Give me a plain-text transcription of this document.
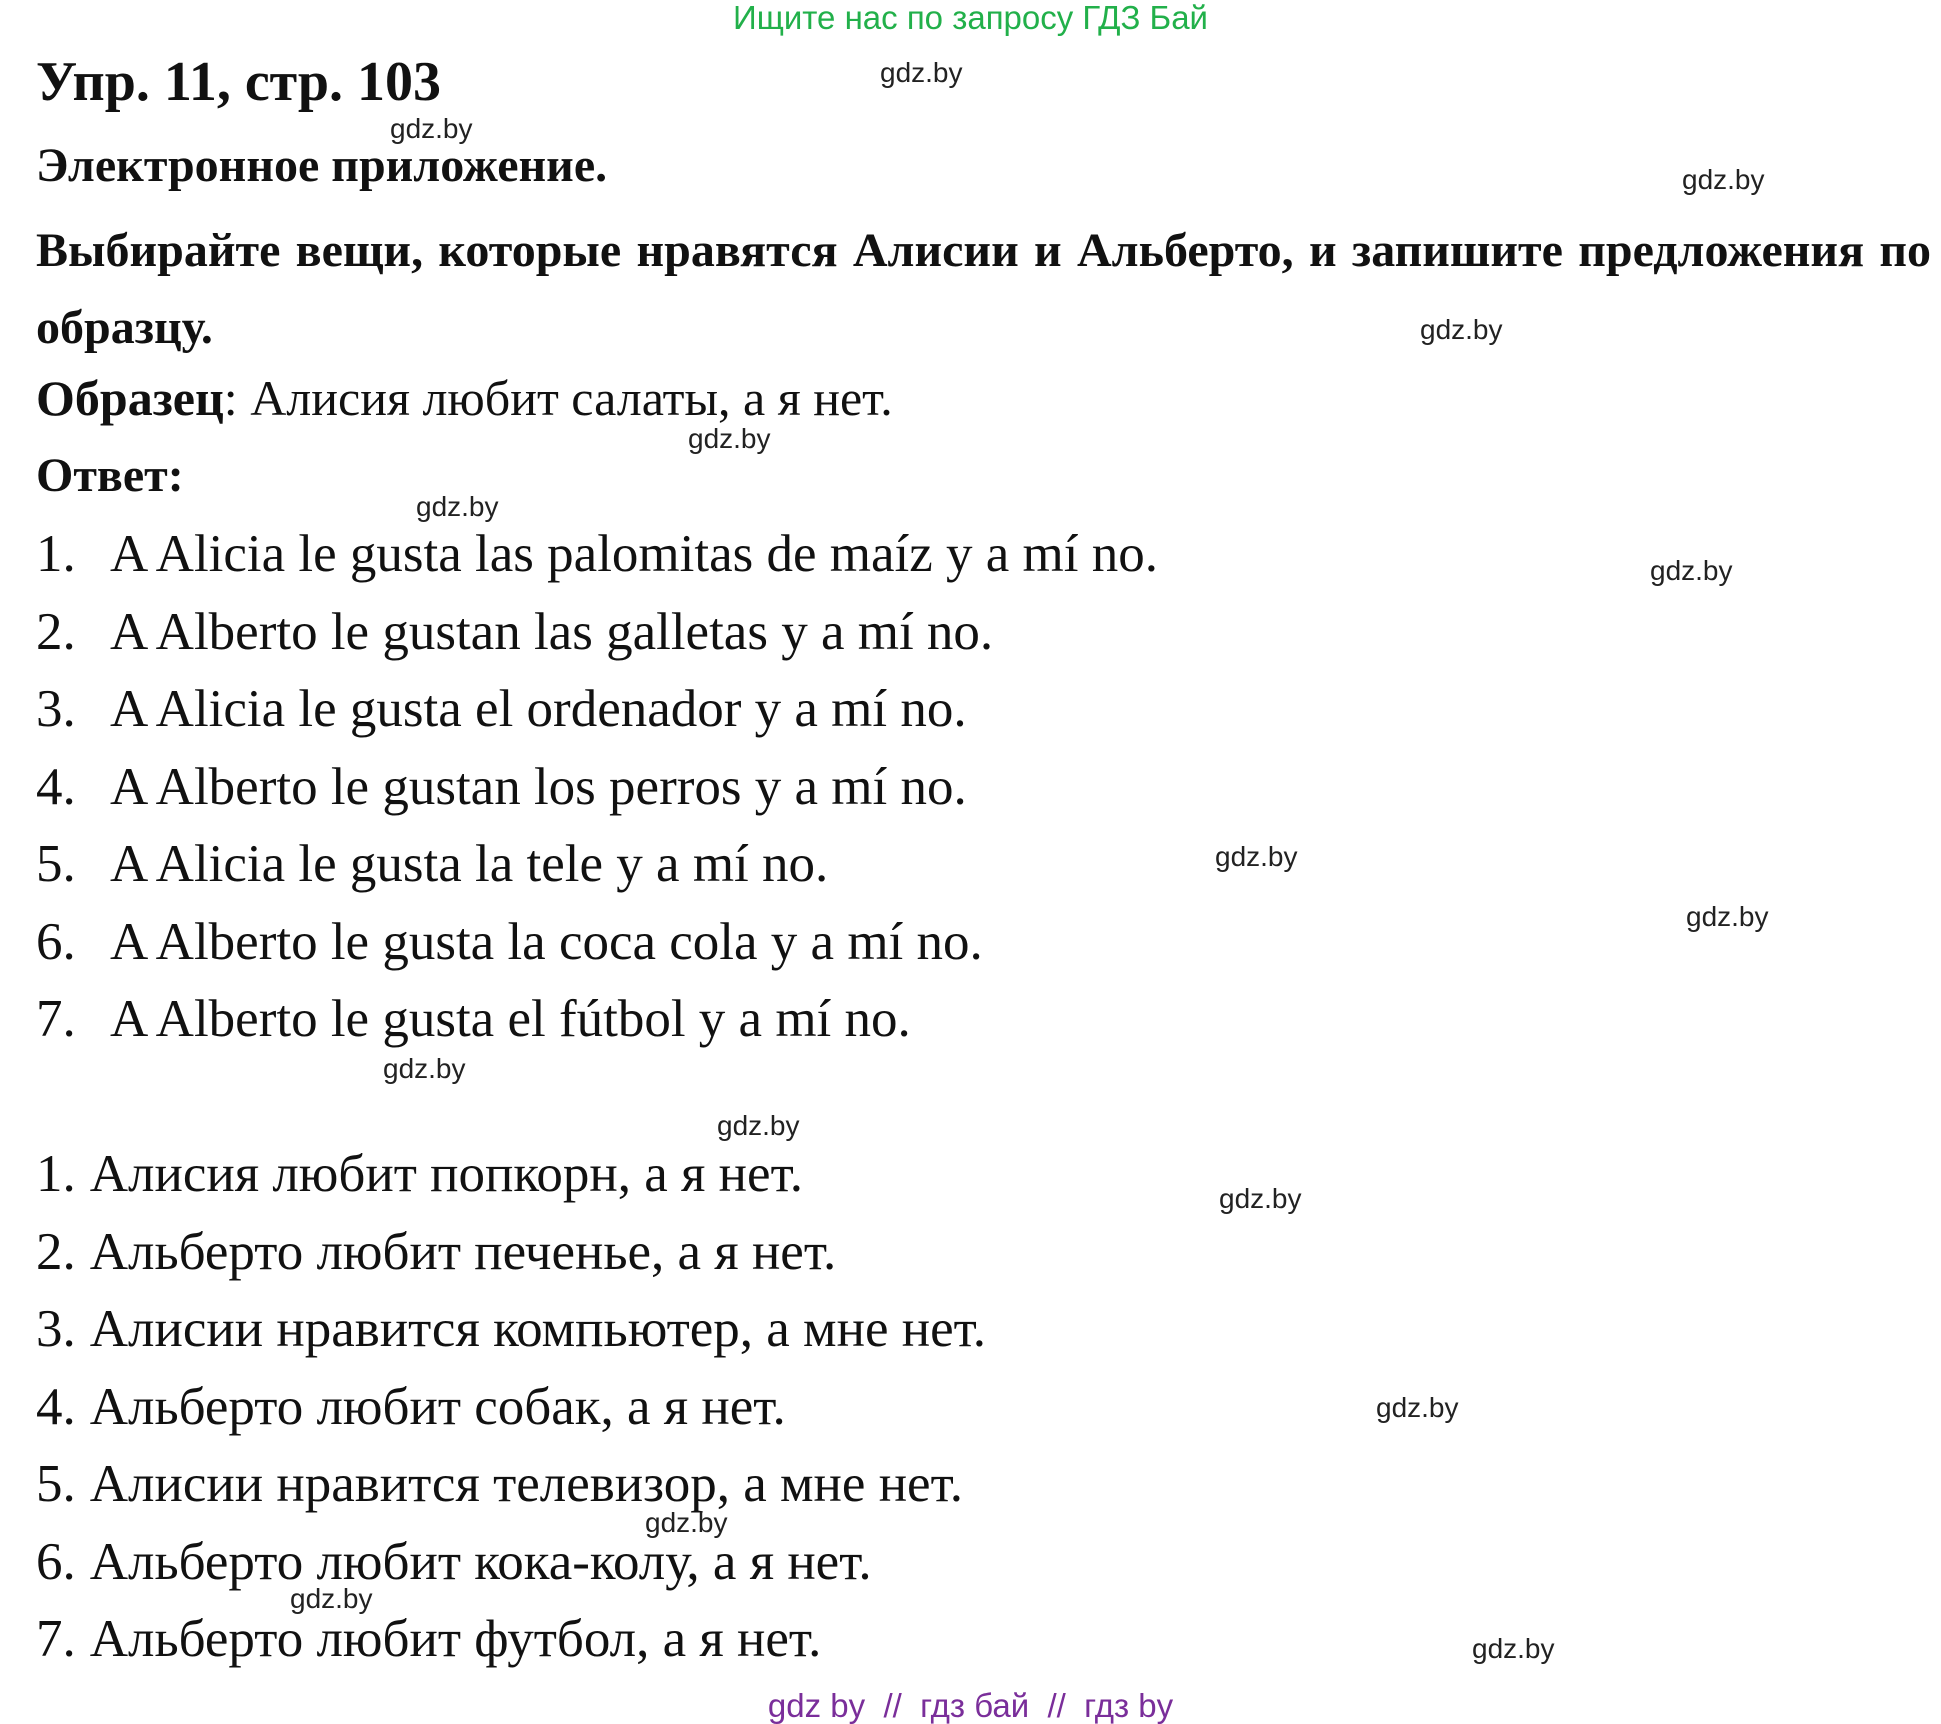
Ищите нас по запросу ГДЗ Бай
Упр. 11, стр. 103
Электронное приложение.
Выбирайте вещи, которые нравятся Алисии и Альберто, и запишите предложения по образцу.
Образец: Алисия любит салаты, а я нет.
Ответ:
1. A Alicia le gusta las palomitas de maíz y a mí no.
2. A Alberto le gustan las galletas y a mí no.
3. A Alicia le gusta el ordenador y a mí no.
4. A Alberto le gustan los perros y a mí no.
5. A Alicia le gusta la tele y a mí no.
6. A Alberto le gusta la coca cola y a mí no.
7. A Alberto le gusta el fútbol y a mí no.
1. Алисия любит попкорн, а я нет.
2. Альберто любит печенье, а я нет.
3. Алисии нравится компьютер, а мне нет.
4. Альберто любит собак, а я нет.
5. Алисии нравится телевизор, а мне нет.
6. Альберто любит кока-колу, а я нет.
7. Альберто любит футбол, а я нет.
gdz.by
gdz.by
gdz.by
gdz.by
gdz.by
gdz.by
gdz.by
gdz.by
gdz.by
gdz.by
gdz.by
gdz.by
gdz.by
gdz.by
gdz.by
gdz.by
gdz by  //  гдз бай  //  гдз by
